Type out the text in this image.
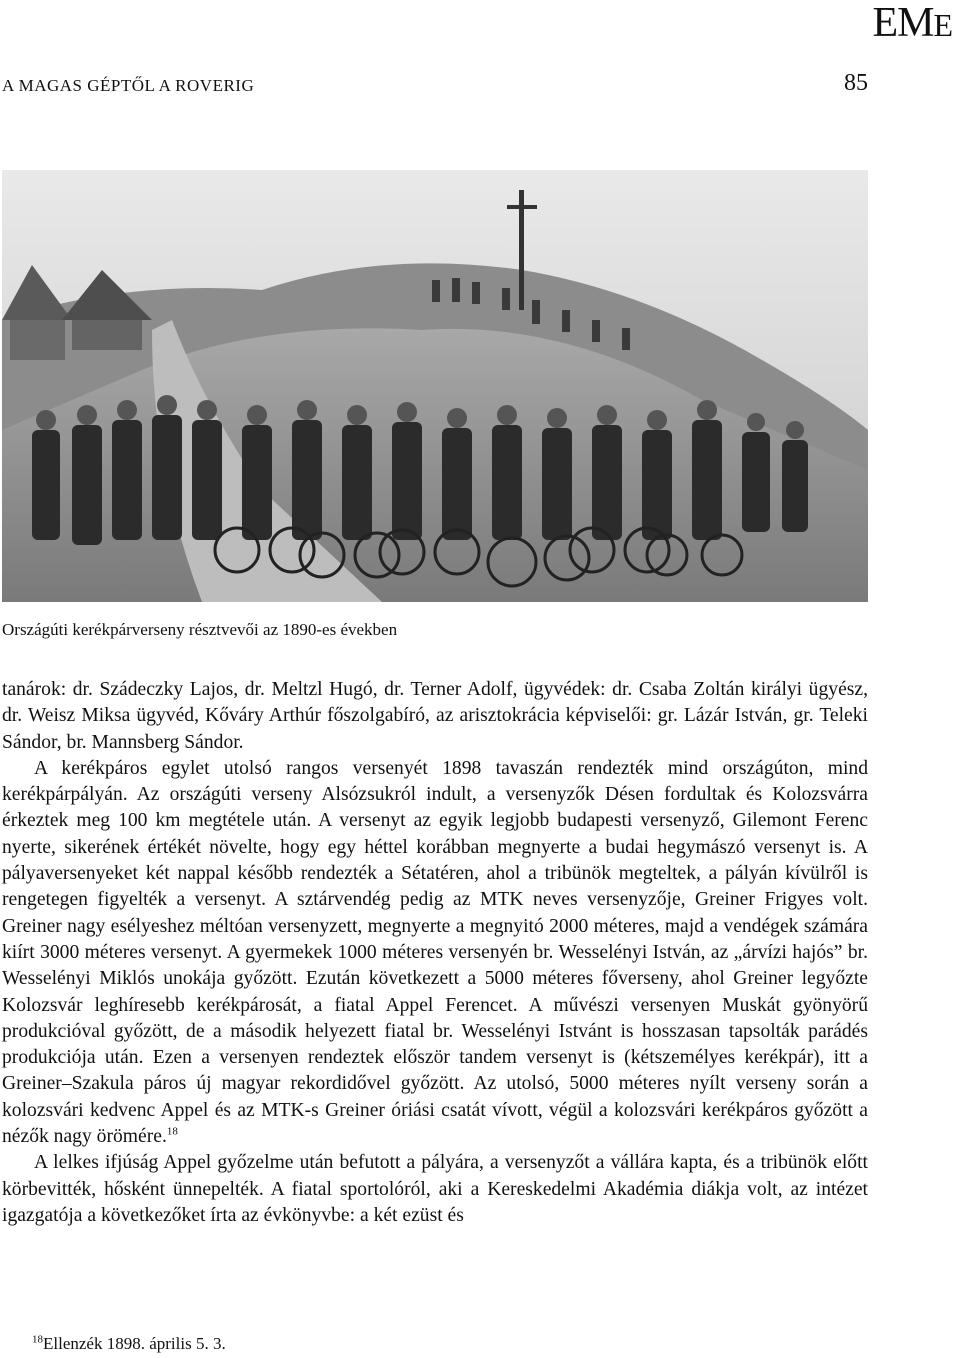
EME
A MAGAS GÉPTŐL A ROVERIG	85
Országúti kerékpárverseny résztvevői az 1890-es években

tanárok: dr. Szádeczky Lajos, dr. Meltzl Hugó, dr. Terner Adolf, ügyvédek: dr. Csaba Zoltán királyi ügyész, dr. Weisz Miksa ügyvéd, Kőváry Arthúr főszolgabíró, az arisztokrácia képviselői: gr. Lázár István, gr. Teleki Sándor, br. Mannsberg Sándor.

A kerékpáros egylet utolsó rangos versenyét 1898 tavaszán rendezték mind országúton, mind kerékpárpályán. Az országúti verseny Alsózsukról indult, a versenyzők Désen fordultak és Kolozsvárra érkeztek meg 100 km megtétele után. A versenyt az egyik legjobb budapesti versenyző, Gilemont Ferenc nyerte, sikerének értékét növelte, hogy egy héttel korábban megnyerte a budai hegymászó versenyt is. A pályaversenyeket két nappal később rendezték a Sétatéren, ahol a tribünök megteltek, a pályán kívülről is rengetegen figyelték a versenyt. A sztárvendég pedig az MTK neves versenyzője, Greiner Frigyes volt. Greiner nagy esélyeshez méltóan versenyzett, megnyerte a megnyitó 2000 méteres, majd a vendégek számára kiírt 3000 méteres versenyt. A gyermekek 1000 méteres versenyén br. Wesselényi István, az „árvízi hajós” br. Wesselényi Miklós unokája győzött. Ezután következett a 5000 méteres főverseny, ahol Greiner legyőzte Kolozsvár leghíresebb kerékpárosát, a fiatal Appel Ferencet. A művészi versenyen Muskát gyönyörű produkcióval győzött, de a második helyezett fiatal br. Wesselényi Istvánt is hosszasan tapsolták parádés produkciója után. Ezen a versenyen rendeztek először tandem versenyt is (kétszemélyes kerékpár), itt a Greiner–Szakula páros új magyar rekordidővel győzött. Az utolsó, 5000 méteres nyílt verseny során a kolozsvári kedvenc Appel és az MTK-s Greiner óriási csatát vívott, végül a kolozsvári kerékpáros győzött a nézők nagy örömére.$^{18}$

A lelkes ifjúság Appel győzelme után befutott a pályára, a versenyzőt a vállára kapta, és a tribünök előtt körbevitték, hősként ünnepelték. A fiatal sportolóról, aki a Kereskedelmi Akadémia diákja volt, az intézet igazgatója a következőket írta az évkönyvbe: a két ezüst és

$^{18}$Ellenzék 1898. április 5. 3.
